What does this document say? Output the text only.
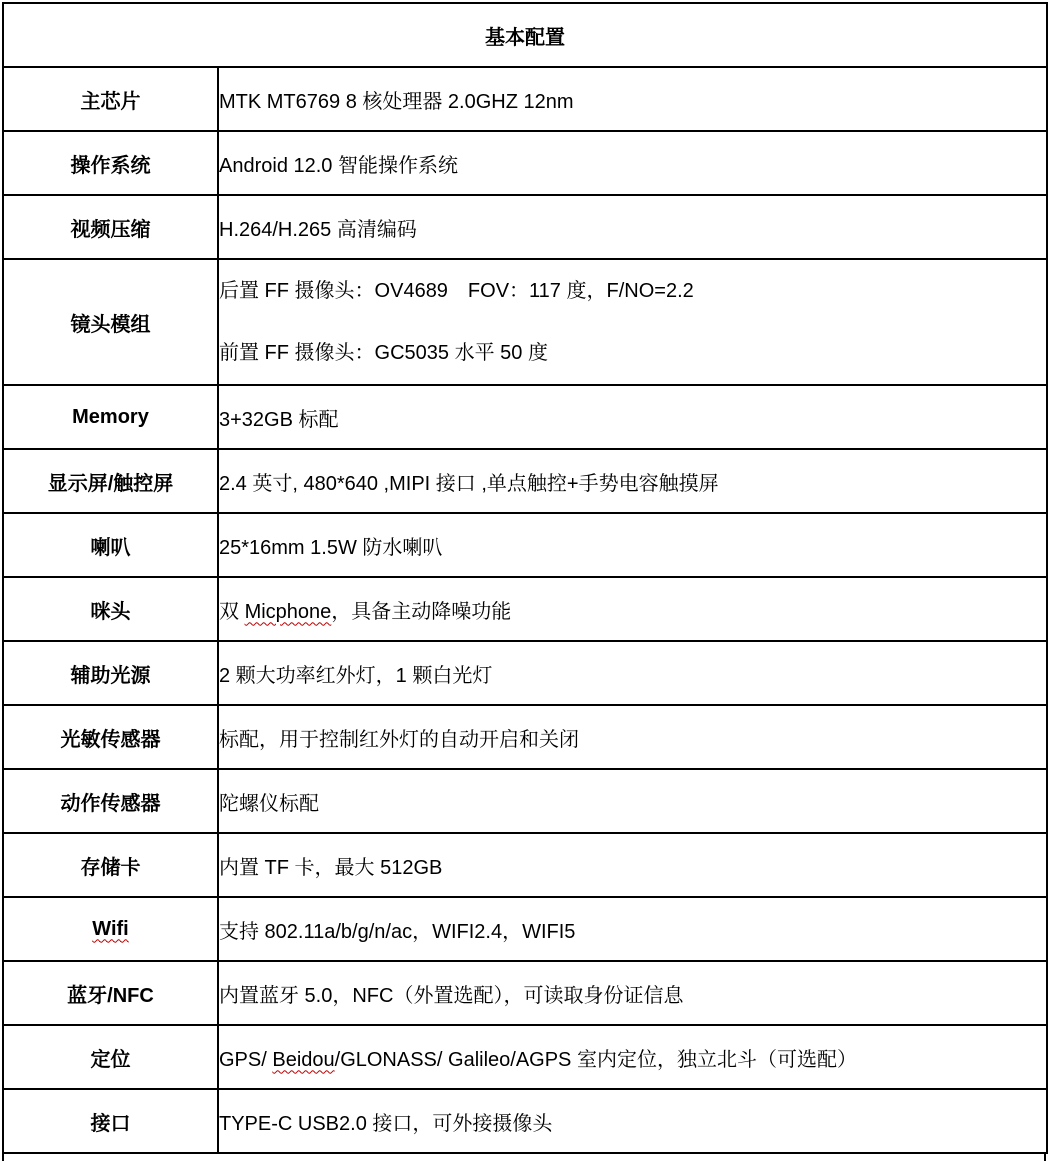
基本配置	
主芯片	MTK MT6769 8 核处理器 2.0GHZ 12nm
操作系统	Android 12.0 智能操作系统
视频压缩	H.264/H.265 高清编码
镜头模组	后置 FF 摄像头：OV4689　FOV：117 度，F/NO=2.2
前置 FF 摄像头：GC5035 水平 50 度

Memory	3+32GB 标配
显示屏/触控屏	2.4 英寸, 480*640 ,MIPI 接口 ,单点触控+手势电容触摸屏
喇叭	25*16mm 1.5W 防水喇叭
咪头	双 Micphone，具备主动降噪功能
辅助光源	2 颗大功率红外灯，1 颗白光灯
光敏传感器	标配，用于控制红外灯的自动开启和关闭
动作传感器	陀螺仪标配
存储卡	内置 TF 卡，最大 512GB
Wifi	支持 802.11a/b/g/n/ac，WIFI2.4，WIFI5
蓝牙/NFC	内置蓝牙 5.0，NFC（外置选配），可读取身份证信息
定位	GPS/ Beidou/GLONASS/ Galileo/AGPS 室内定位，独立北斗（可选配）
接口	TYPE-C USB2.0 接口，可外接摄像头
